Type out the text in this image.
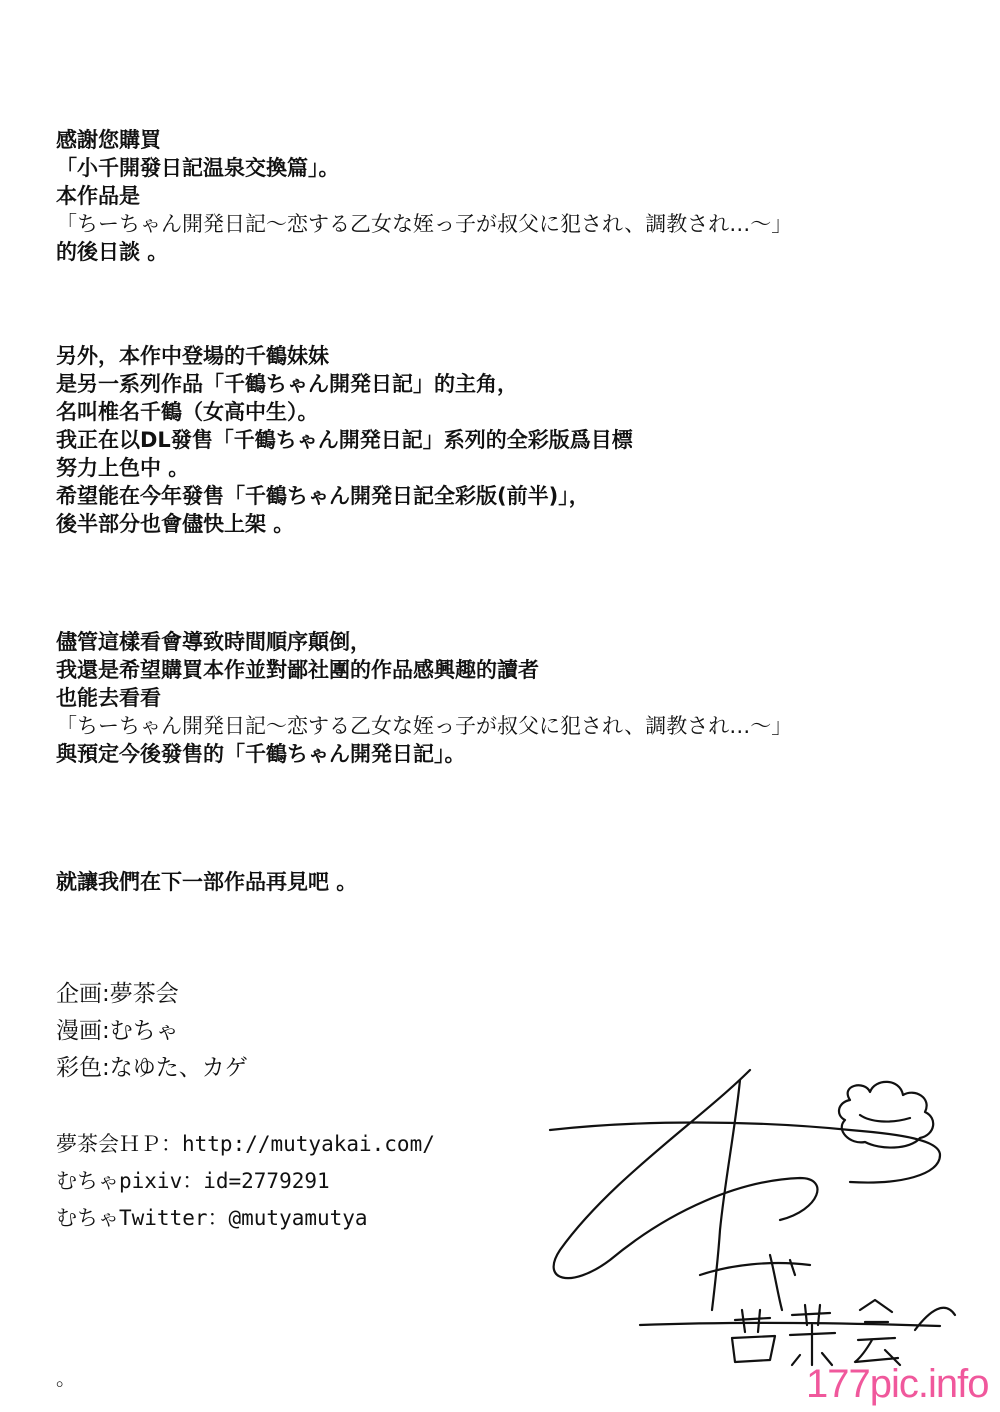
感謝您購買
「小千開發日記温泉交換篇」。
本作品是
「ちーちゃん開発日記～恋する乙女な姪っ子が叔父に犯され、調教され…～」
的後日談 。
另外，本作中登場的千鶴妹妹
是另一系列作品「千鶴ちゃん開発日記」的主角，
名叫椎名千鶴（女高中生）。
我正在以DL發售「千鶴ちゃん開発日記」系列的全彩版爲目標
努力上色中 。
希望能在今年發售「千鶴ちゃん開発日記全彩版(前半)」，
後半部分也會儘快上架 。
儘管這樣看會導致時間順序顛倒，
我還是希望購買本作並對鄙社團的作品感興趣的讀者
也能去看看
「ちーちゃん開発日記～恋する乙女な姪っ子が叔父に犯され、調教され…～」
與預定今後發售的「千鶴ちゃん開発日記」。
就讓我們在下一部作品再見吧 。
企画:夢茶会
漫画:むちゃ
彩色:なゆた、カゲ
夢茶会ＨＰ：http://mutyakai.com/
むちゃpixiv：id=2779291
むちゃTwitter：@mutyamutya
。	177pic.info
